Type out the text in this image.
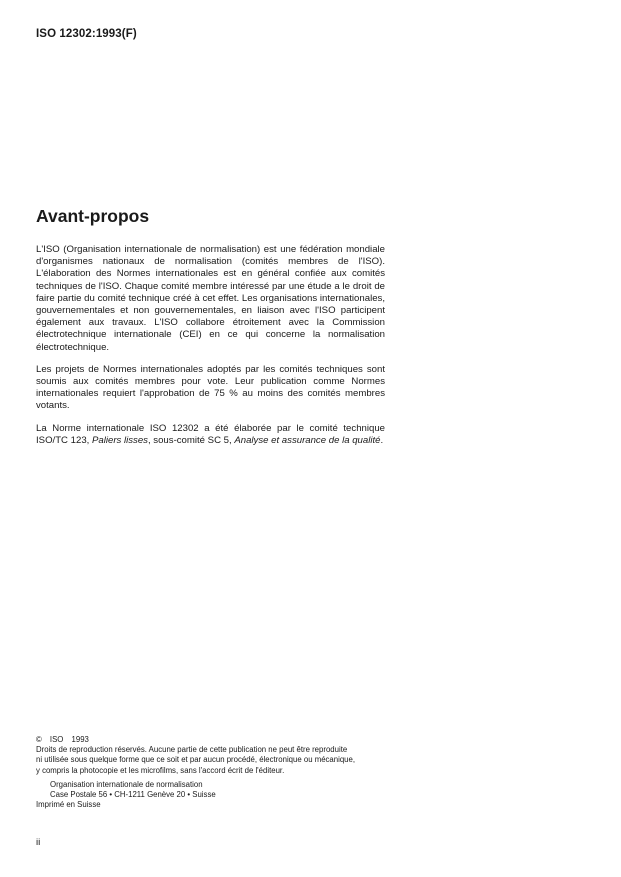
ISO 12302:1993(F)
Avant-propos

L'ISO (Organisation internationale de normalisation) est une fédération mondiale d'organismes nationaux de normalisation (comités membres de l'ISO). L'élaboration des Normes internationales est en général confiée aux comités techniques de l'ISO. Chaque comité membre intéressé par une étude a le droit de faire partie du comité technique créé à cet effet. Les organisations internationales, gouvernementales et non gouvernementales, en liaison avec l'ISO participent également aux travaux. L'ISO collabore étroitement avec la Commission électrotechnique internationale (CEI) en ce qui concerne la normalisation électrotechnique.

Les projets de Normes internationales adoptés par les comités techniques sont soumis aux comités membres pour vote. Leur publication comme Normes internationales requiert l'approbation de 75 % au moins des comités membres votants.

La Norme internationale ISO 12302 a été élaborée par le comité technique ISO/TC 123, Paliers lisses, sous-comité SC 5, Analyse et assurance de la qualité.

© ISO 1993
Droits de reproduction réservés. Aucune partie de cette publication ne peut être reproduite
ni utilisée sous quelque forme que ce soit et par aucun procédé, électronique ou mécanique,
y compris la photocopie et les microfilms, sans l'accord écrit de l'éditeur.
Organisation internationale de normalisation
Case Postale 56 • CH-1211 Genève 20 • Suisse
Imprimé en Suisse
ii
